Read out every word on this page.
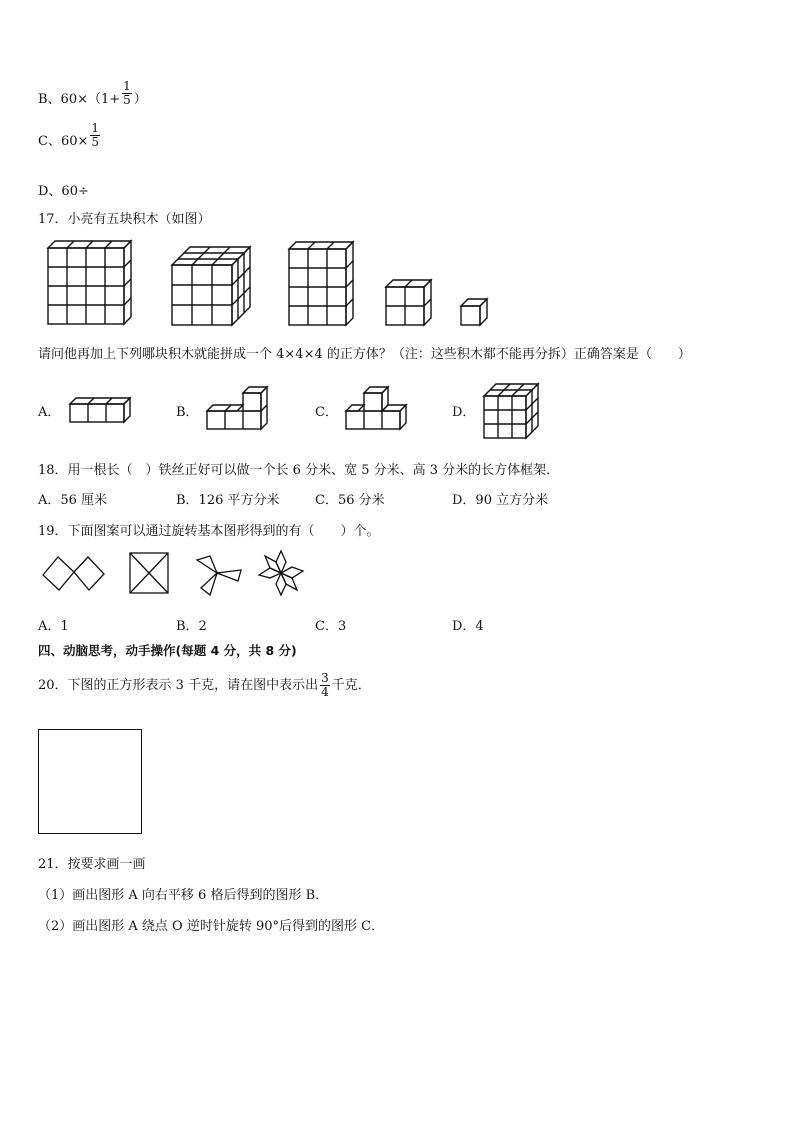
B、$60\times(1+ \frac{1}{5}$ ）
C、$60\times \frac{1}{5}$
D、60÷
17．小亮有五块积木（如图）
请问他再加上下列哪块积木就能拼成一个 4×4×4 的正方体？（注：这些积木都不能再分拆）正确答案是（　　）
A．	B．	C．	D．
18．用一根长（　）铁丝正好可以做一个长 6 分米、宽 5 分米、高 3 分米的长方体框架．
A．56 厘米	B．126 平方分米	C．56 分米	D．90 立方分米
19．下面图案可以通过旋转基本图形得到的有（　　）个。
A．1	B．2	C．3	D．4
四、动脑思考，动手操作(每题 4 分，共 8 分)
20．下图的正方形表示 3 千克，请在图中表示出 $\frac{3}{4}$ 千克．
21．按要求画一画
（1）画出图形 A 向右平移 6 格后得到的图形 B．
（2）画出图形 A 绕点 O 逆时针旋转 90°后得到的图形 C．
